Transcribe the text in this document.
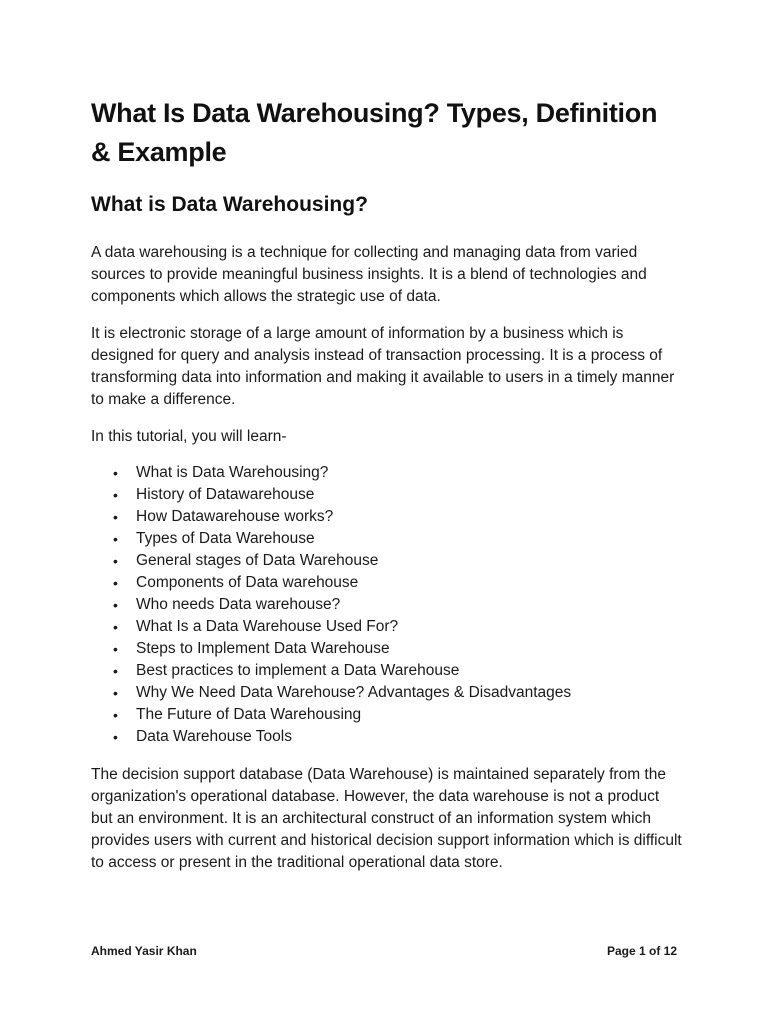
What Is Data Warehousing? Types, Definition & Example
What is Data Warehousing?

A data warehousing is a technique for collecting and managing data from varied sources to provide meaningful business insights. It is a blend of technologies and components which allows the strategic use of data.

It is electronic storage of a large amount of information by a business which is designed for query and analysis instead of transaction processing. It is a process of transforming data into information and making it available to users in a timely manner to make a difference.

In this tutorial, you will learn-

• What is Data Warehousing?
• History of Datawarehouse
• How Datawarehouse works?
• Types of Data Warehouse
• General stages of Data Warehouse
• Components of Data warehouse
• Who needs Data warehouse?
• What Is a Data Warehouse Used For?
• Steps to Implement Data Warehouse
• Best practices to implement a Data Warehouse
• Why We Need Data Warehouse? Advantages & Disadvantages
• The Future of Data Warehousing
• Data Warehouse Tools

The decision support database (Data Warehouse) is maintained separately from the organization's operational database. However, the data warehouse is not a product but an environment. It is an architectural construct of an information system which provides users with current and historical decision support information which is difficult to access or present in the traditional operational data store.

Ahmed Yasir Khan	Page 1 of 12
